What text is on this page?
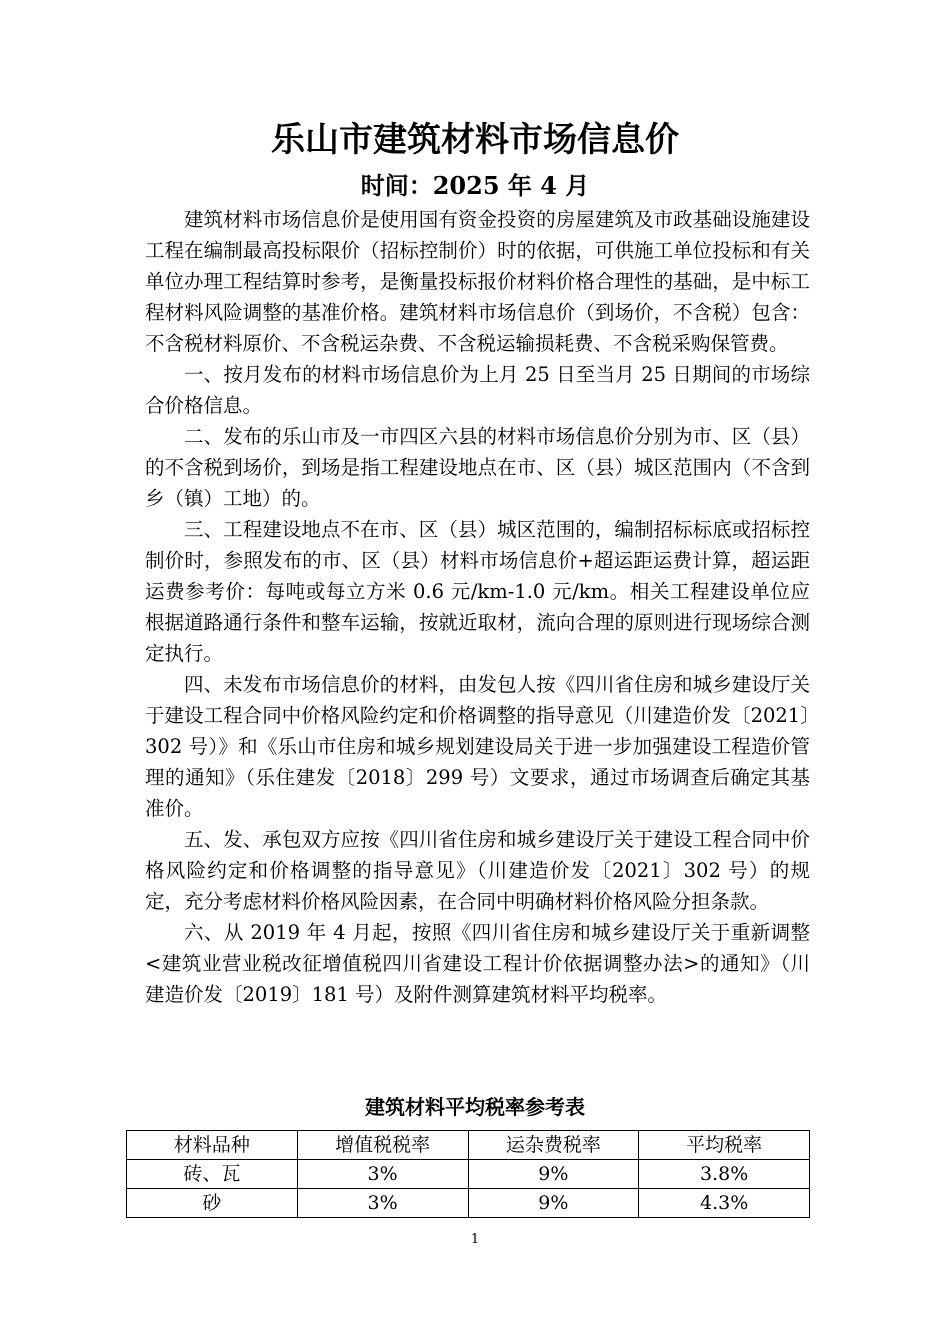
乐山市建筑材料市场信息价
时间：2025 年 4 月

建筑材料市场信息价是使用国有资金投资的房屋建筑及市政基础设施建设工程在编制最高投标限价（招标控制价）时的依据，可供施工单位投标和有关单位办理工程结算时参考，是衡量投标报价材料价格合理性的基础，是中标工程材料风险调整的基准价格。建筑材料市场信息价（到场价，不含税）包含：不含税材料原价、不含税运杂费、不含税运输损耗费、不含税采购保管费。

一、按月发布的材料市场信息价为上月 25 日至当月 25 日期间的市场综合价格信息。

二、发布的乐山市及一市四区六县的材料市场信息价分别为市、区（县）的不含税到场价，到场是指工程建设地点在市、区（县）城区范围内（不含到乡（镇）工地）的。

三、工程建设地点不在市、区（县）城区范围的，编制招标标底或招标控制价时，参照发布的市、区（县）材料市场信息价+超运距运费计算，超运距运费参考价：每吨或每立方米 0.6 元/km-1.0 元/km。相关工程建设单位应根据道路通行条件和整车运输，按就近取材，流向合理的原则进行现场综合测定执行。

四、未发布市场信息价的材料，由发包人按《四川省住房和城乡建设厅关于建设工程合同中价格风险约定和价格调整的指导意见（川建造价发〔2021〕302 号）》和《乐山市住房和城乡规划建设局关于进一步加强建设工程造价管理的通知》（乐住建发〔2018〕299 号）文要求，通过市场调查后确定其基准价。

五、发、承包双方应按《四川省住房和城乡建设厅关于建设工程合同中价格风险约定和价格调整的指导意见》（川建造价发〔2021〕302 号）的规定，充分考虑材料价格风险因素，在合同中明确材料价格风险分担条款。

六、从 2019 年 4 月起，按照《四川省住房和城乡建设厅关于重新调整<建筑业营业税改征增值税四川省建设工程计价依据调整办法>的通知》（川建造价发〔2019〕181 号）及附件测算建筑材料平均税率。

建筑材料平均税率参考表
材料品种	增值税税率	运杂费税率	平均税率
砖、瓦	3%	9%	3.8%
砂	3%	9%	4.3%
1
